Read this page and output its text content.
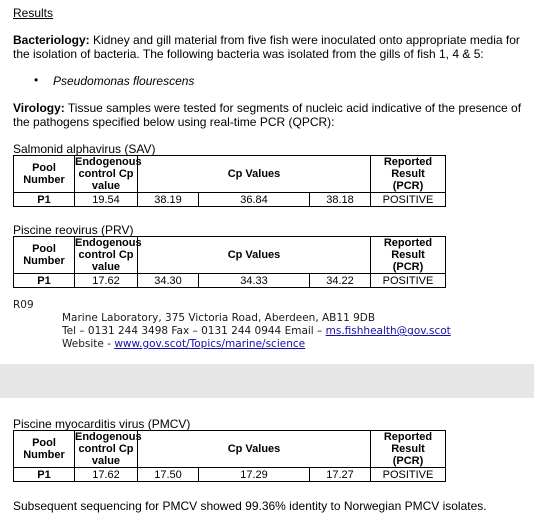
Results
Bacteriology: Kidney and gill material from five fish were inoculated onto appropriate media for
the isolation of bacteria. The following bacteria was isolated from the gills of fish 1, 4 & 5:
• Pseudomonas flourescens
Virology: Tissue samples were tested for segments of nucleic acid indicative of the presence of
the pathogens specified below using real-time PCR (QPCR):
Salmonid alphavirus (SAV)
Pool
Number	Endogenous
control Cp
value	Cp Values			Reported
Result
(PCR)
P1	19.54	38.19	36.84	38.18	POSITIVE
Piscine reovirus (PRV)
Pool
Number	Endogenous
control Cp
value	Cp Values			Reported
Result
(PCR)
P1	17.62	34.30	34.33	34.22	POSITIVE
R09
Marine Laboratory, 375 Victoria Road, Aberdeen, AB11 9DB
Tel – 0131 244 3498 Fax – 0131 244 0944 Email – ms.fishhealth@gov.scot
Website - www.gov.scot/Topics/marine/science
Piscine myocarditis virus (PMCV)
Pool
Number	Endogenous
control Cp
value	Cp Values			Reported
Result
(PCR)
P1	17.62	17.50	17.29	17.27	POSITIVE
Subsequent sequencing for PMCV showed 99.36% identity to Norwegian PMCV isolates.
